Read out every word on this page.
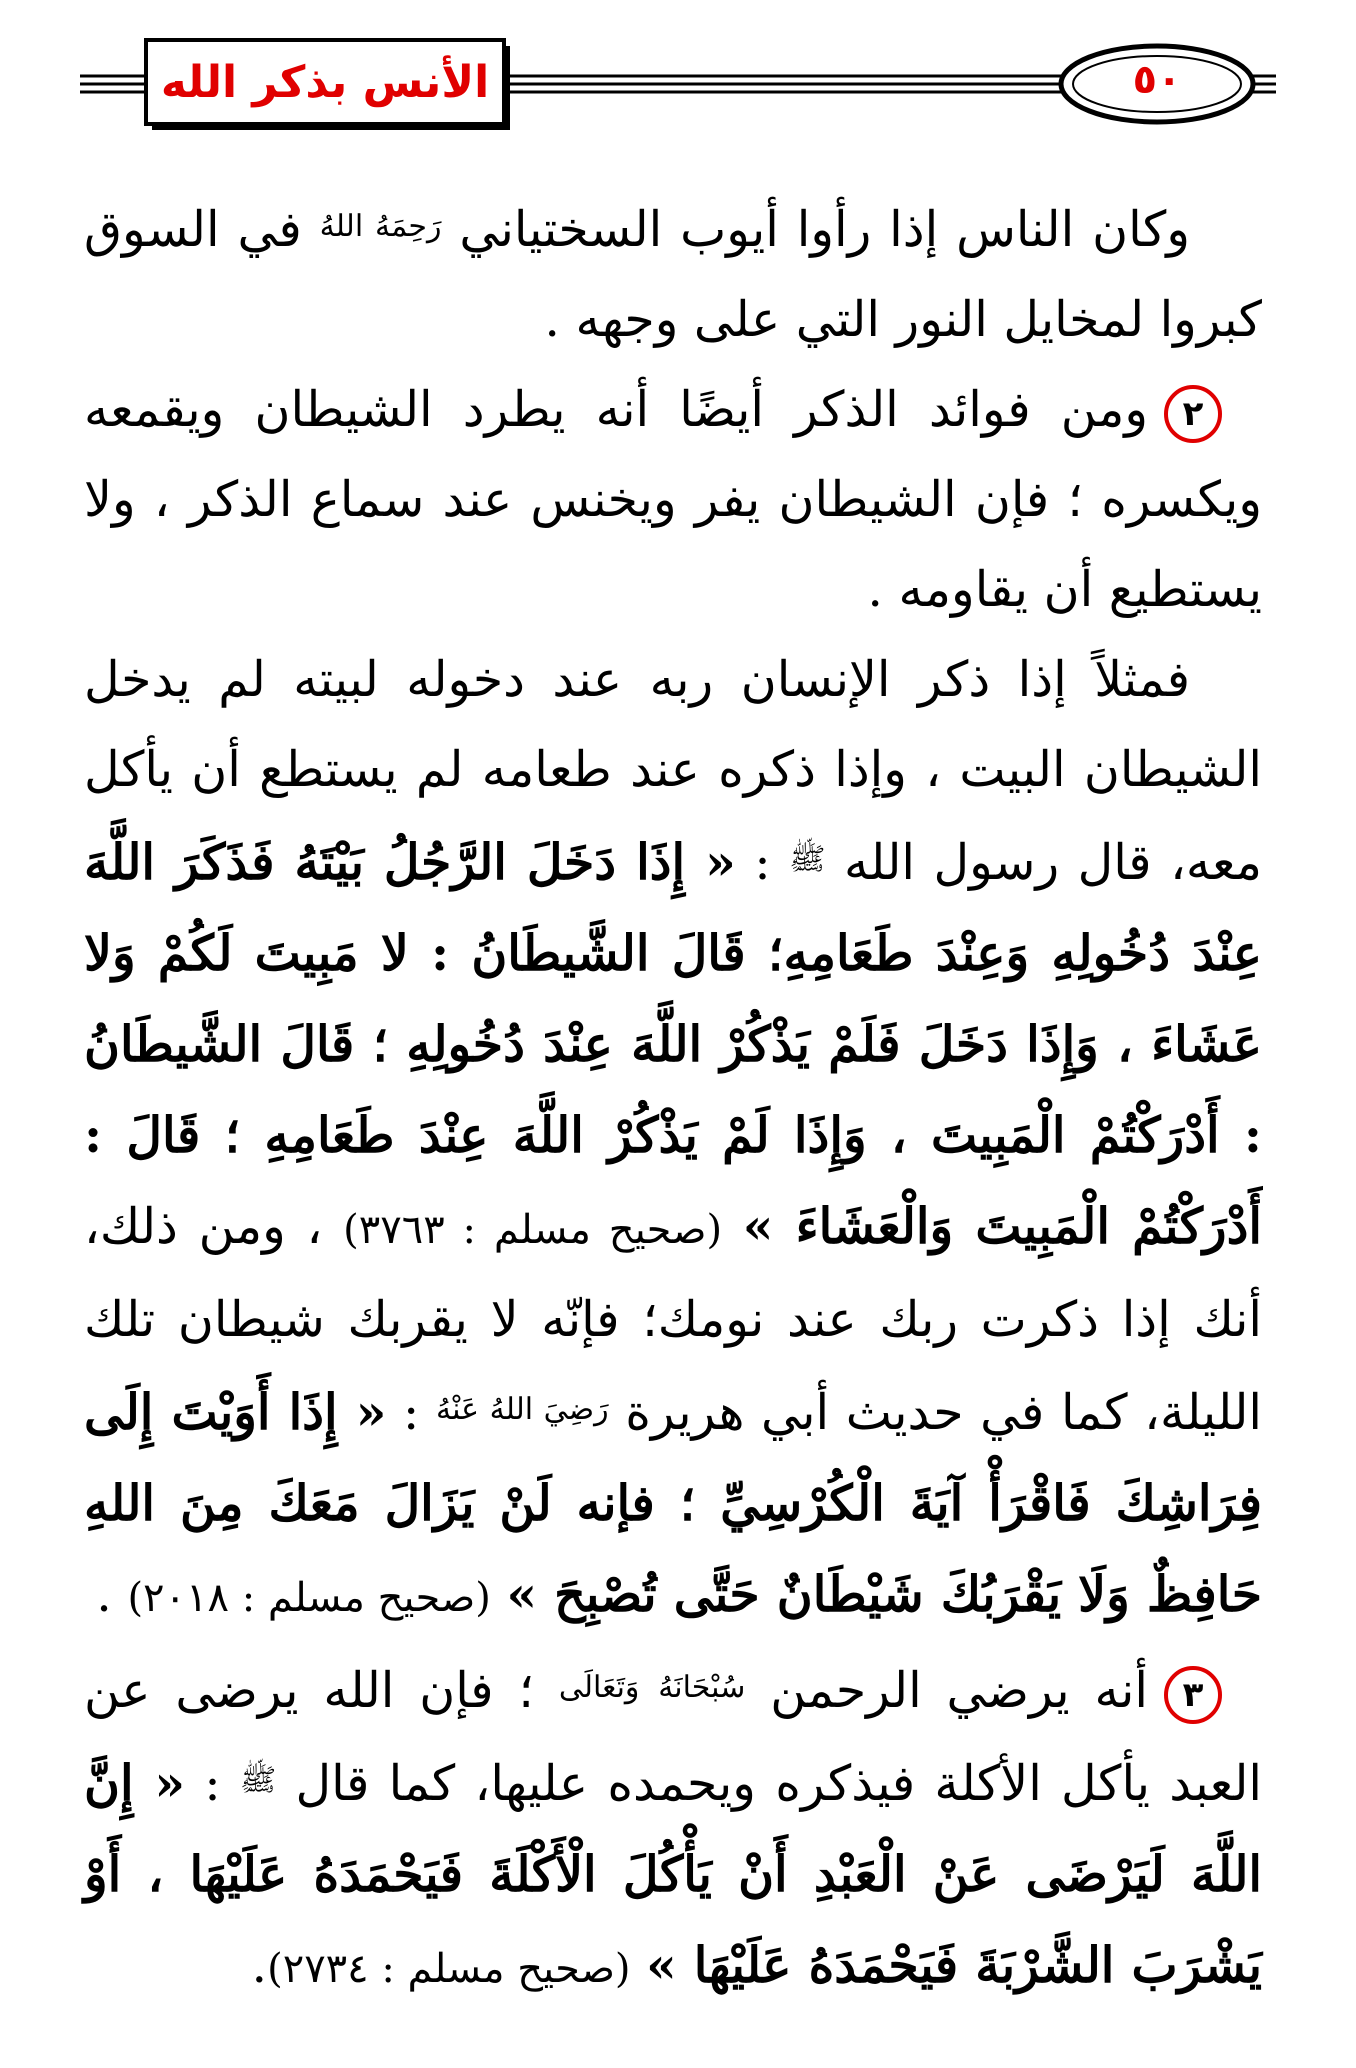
الأنس بذكر الله	٥٠

وكان الناس إذا رأوا أيوب السختياني $^{رَحِمَهُ اللهُ}$ في السوق كبروا لمخايل النور التي على وجهه .

٢ومن فوائد الذكر أيضًا أنه يطرد الشيطان ويقمعه ويكسره ؛ فإن الشيطان يفر ويخنس عند سماع الذكر ، ولا يستطيع أن يقاومه .

فمثلاً إذا ذكر الإنسان ربه عند دخوله لبيته لم يدخل الشيطان البيت ، وإذا ذكره عند طعامه لم يستطع أن يأكل معه، قال رسول الله $^ﷺ$ : « إِذَا دَخَلَ الرَّجُلُ بَيْتَهُ فَذَكَرَ اللَّهَ عِنْدَ دُخُولِهِ وَعِنْدَ طَعَامِهِ؛ قَالَ الشَّيطَانُ : لا مَبِيتَ لَكُمْ وَلا عَشَاءَ ، وَإِذَا دَخَلَ فَلَمْ يَذْكُرْ اللَّهَ عِنْدَ دُخُولِهِ ؛ قَالَ الشَّيطَانُ : أَدْرَكْتُمْ الْمَبِيتَ ، وَإِذَا لَمْ يَذْكُرْ اللَّهَ عِنْدَ طَعَامِهِ ؛ قَالَ : أَدْرَكْتُمْ الْمَبِيتَ وَالْعَشَاءَ » (صحيح مسلم : ٣٧٦٣) ، ومن ذلك، أنك إذا ذكرت ربك عند نومك؛ فإنّه لا يقربك شيطان تلك الليلة، كما في حديث أبي هريرة $^{رَضِيَ اللهُ عَنْهُ}$ : « إِذَا أَوَيْتَ إِلَى فِرَاشِكَ فَاقْرَأْ آيَةَ الْكُرْسِيِّ ؛ فإنه لَنْ يَزَالَ مَعَكَ مِنَ اللهِ حَافِظٌ وَلَا يَقْرَبُكَ شَيْطَانٌ حَتَّى تُصْبِحَ » (صحيح مسلم : ٢٠١٨) .

٣أنه يرضي الرحمن $^{سُبْحَانَهُ وَتَعَالَى}$ ؛ فإن الله يرضى عن العبد يأكل الأكلة فيذكره ويحمده عليها، كما قال $^ﷺ$ : « إِنَّ اللَّهَ لَيَرْضَى عَنْ الْعَبْدِ أَنْ يَأْكُلَ الْأَكْلَةَ فَيَحْمَدَهُ عَلَيْهَا ، أَوْ يَشْرَبَ الشَّرْبَةَ فَيَحْمَدَهُ عَلَيْهَا » (صحيح مسلم : ٢٧٣٤).
